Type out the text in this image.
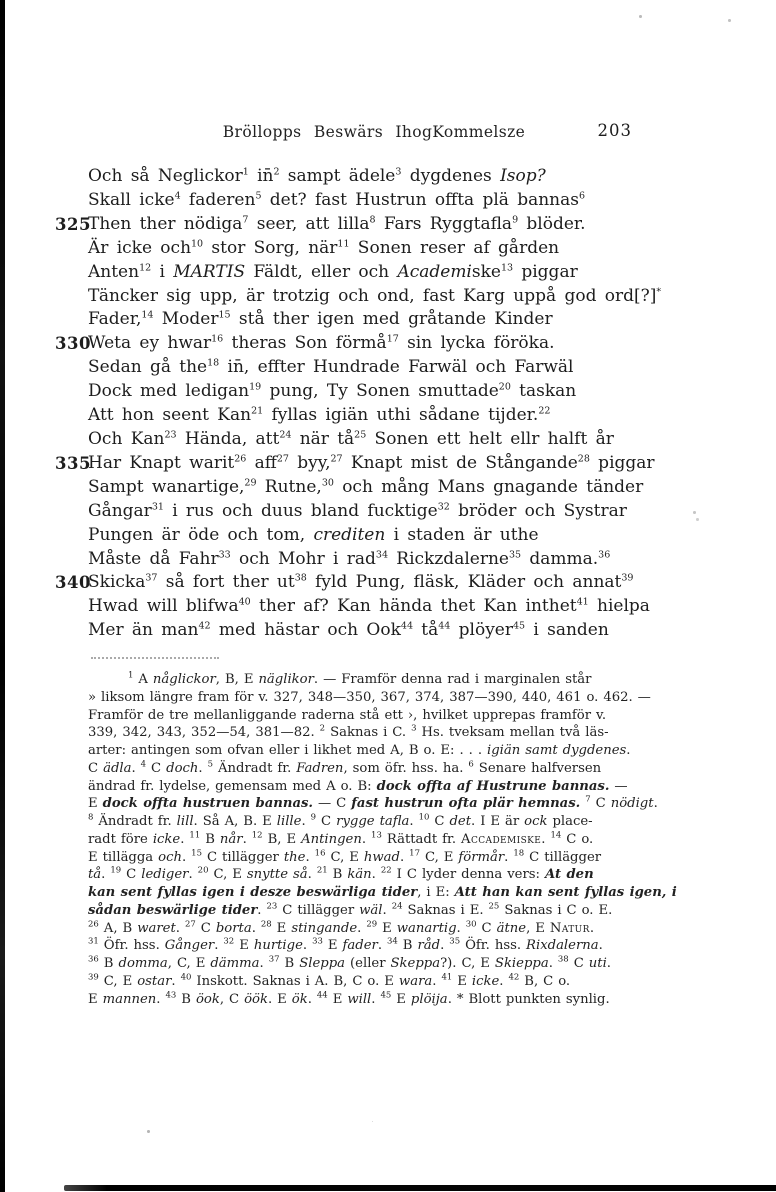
Bröllopps Beswärs IhogKommelsze	203
Och så Neglickor$^1$ in̄$^2$ sampt ädele$^3$ dygdenes Isop?
Skall icke$^4$ faderen$^5$ det? fast Hustrun offta plä bannas$^6$
325
Then ther nödiga$^7$ seer, att lilla$^8$ Fars Ryggtafla$^9$ blöder.
Är icke och$^{10}$ stor Sorg, när$^{11}$ Sonen reser af gården
Anten$^{12}$ i MARTIS Fäldt, eller och Academiske$^{13}$ piggar
Täncker sig upp, är trotzig och ond, fast Karg uppå god ord[?]*
Fader,$^{14}$ Moder$^{15}$ stå ther igen med gråtande Kinder
330
Weta ey hwar$^{16}$ theras Son förmå$^{17}$ sin lycka föröka.
Sedan gå the$^{18}$ in̄, effter Hundrade Farwäl och Farwäl
Dock med ledigan$^{19}$ pung, Ty Sonen smuttade$^{20}$ taskan
Att hon seent Kan$^{21}$ fyllas igiän uthi sådane tijder.$^{22}$
Och Kan$^{23}$ Hända, att$^{24}$ när $tå^{25}$ Sonen ett helt ellr halft år
335
Har Knapt warit$^{26}$ aff$^{27}$ byy,$^{27}$ Knapt mist de Stångande$^{28}$ piggar
Sampt wanartige,$^{29}$ Rutne,$^{30}$ och mång Mans gnagande tänder
Gångar$^{31}$ i rus och duus bland fucktige$^{32}$ bröder och Systrar
Pungen är öde och tom, crediten i staden är uthe
Måste då Fahr$^{33}$ och Mohr i rad$^{34}$ Rickzdalerne$^{35}$ damma.$^{36}$
340
Skicka$^{37}$ så fort ther $ut^{38}$ fyld Pung, fläsk, Kläder och annat$^{39}$
Hwad will blifwa$^{40}$ ther af? Kan hända thet Kan inthet$^{41}$ hielpa
Mer än man$^{42}$ med hästar och Ook$^{44}$ $tå^{44}$ plöyer$^{45}$ i sanden
$^1$ A någlickor, B, E näglikor. — Framför denna rad i marginalen står
» liksom längre fram för v. 327, 348—350, 367, 374, 387—390, 440, 461 o. 462. —
Framför de tre mellanliggande raderna stå ett ›, hvilket upprepas framför v.
339, 342, 343, 352—54, 381—82. $^2$ Saknas i C. $^3$ Hs. tveksam mellan två läs-
arter: antingen som ofvan eller i likhet med A, B o. E: . . . igiän samt dygdenes.
C ädla. $^4$ C doch. $^5$ Ändradt fr. Fadren, som öfr. hss. ha. $^6$ Senare halfversen
ändrad fr. lydelse, gemensam med A o. B: dock offta af Hustrune bannas. —
E dock offta hustruen bannas. — C fast hustrun ofta plär hemnas. $^7$ C nödigt.
$^8$ Ändradt fr. lill. Så A, B. E lille. $^9$ C rygge tafla. $^{10}$ C det. I E är ock place-
radt före icke. $^{11}$ B når. $^{12}$ B, E Antingen. $^{13}$ Rättadt fr. Accademiske. $^{14}$ C o.
E tillägga och. $^{15}$ C tillägger the. $^{16}$ C, E hwad. $^{17}$ C, E förmår. $^{18}$ C tillägger
tå. $^{19}$ C lediger. $^{20}$ C, E snytte så. $^{21}$ B kän. $^{22}$ I C lyder denna vers: At den
kan sent fyllas igen i desze beswärliga tider, i E: Att han kan sent fyllas igen, i
sådan beswärlige tider. $^{23}$ C tillägger wäl. $^{24}$ Saknas i E. $^{25}$ Saknas i C o. E.
$^{26}$ A, B waret. $^{27}$ C borta. $^{28}$ E stingande. $^{29}$ E wanartig. $^{30}$ C ätne, E Natur.
$^{31}$ Öfr. hss. Gånger. $^{32}$ E hurtige. $^{33}$ E fader. $^{34}$ B råd. $^{35}$ Öfr. hss. Rixdalerna.
$^{36}$ B domma, C, E dämma. $^{37}$ B Sleppa (eller Skeppa?). C, E Skieppa. $^{38}$ C uti.
$^{39}$ C, E ostar. $^{40}$ Inskott. Saknas i A. B, C o. E wara. $^{41}$ E icke. $^{42}$ B, C o.
E mannen. $^{43}$ B öok, C öök. E ök. $^{44}$ E will. $^{45}$ E plöija. * Blott punkten synlig.
